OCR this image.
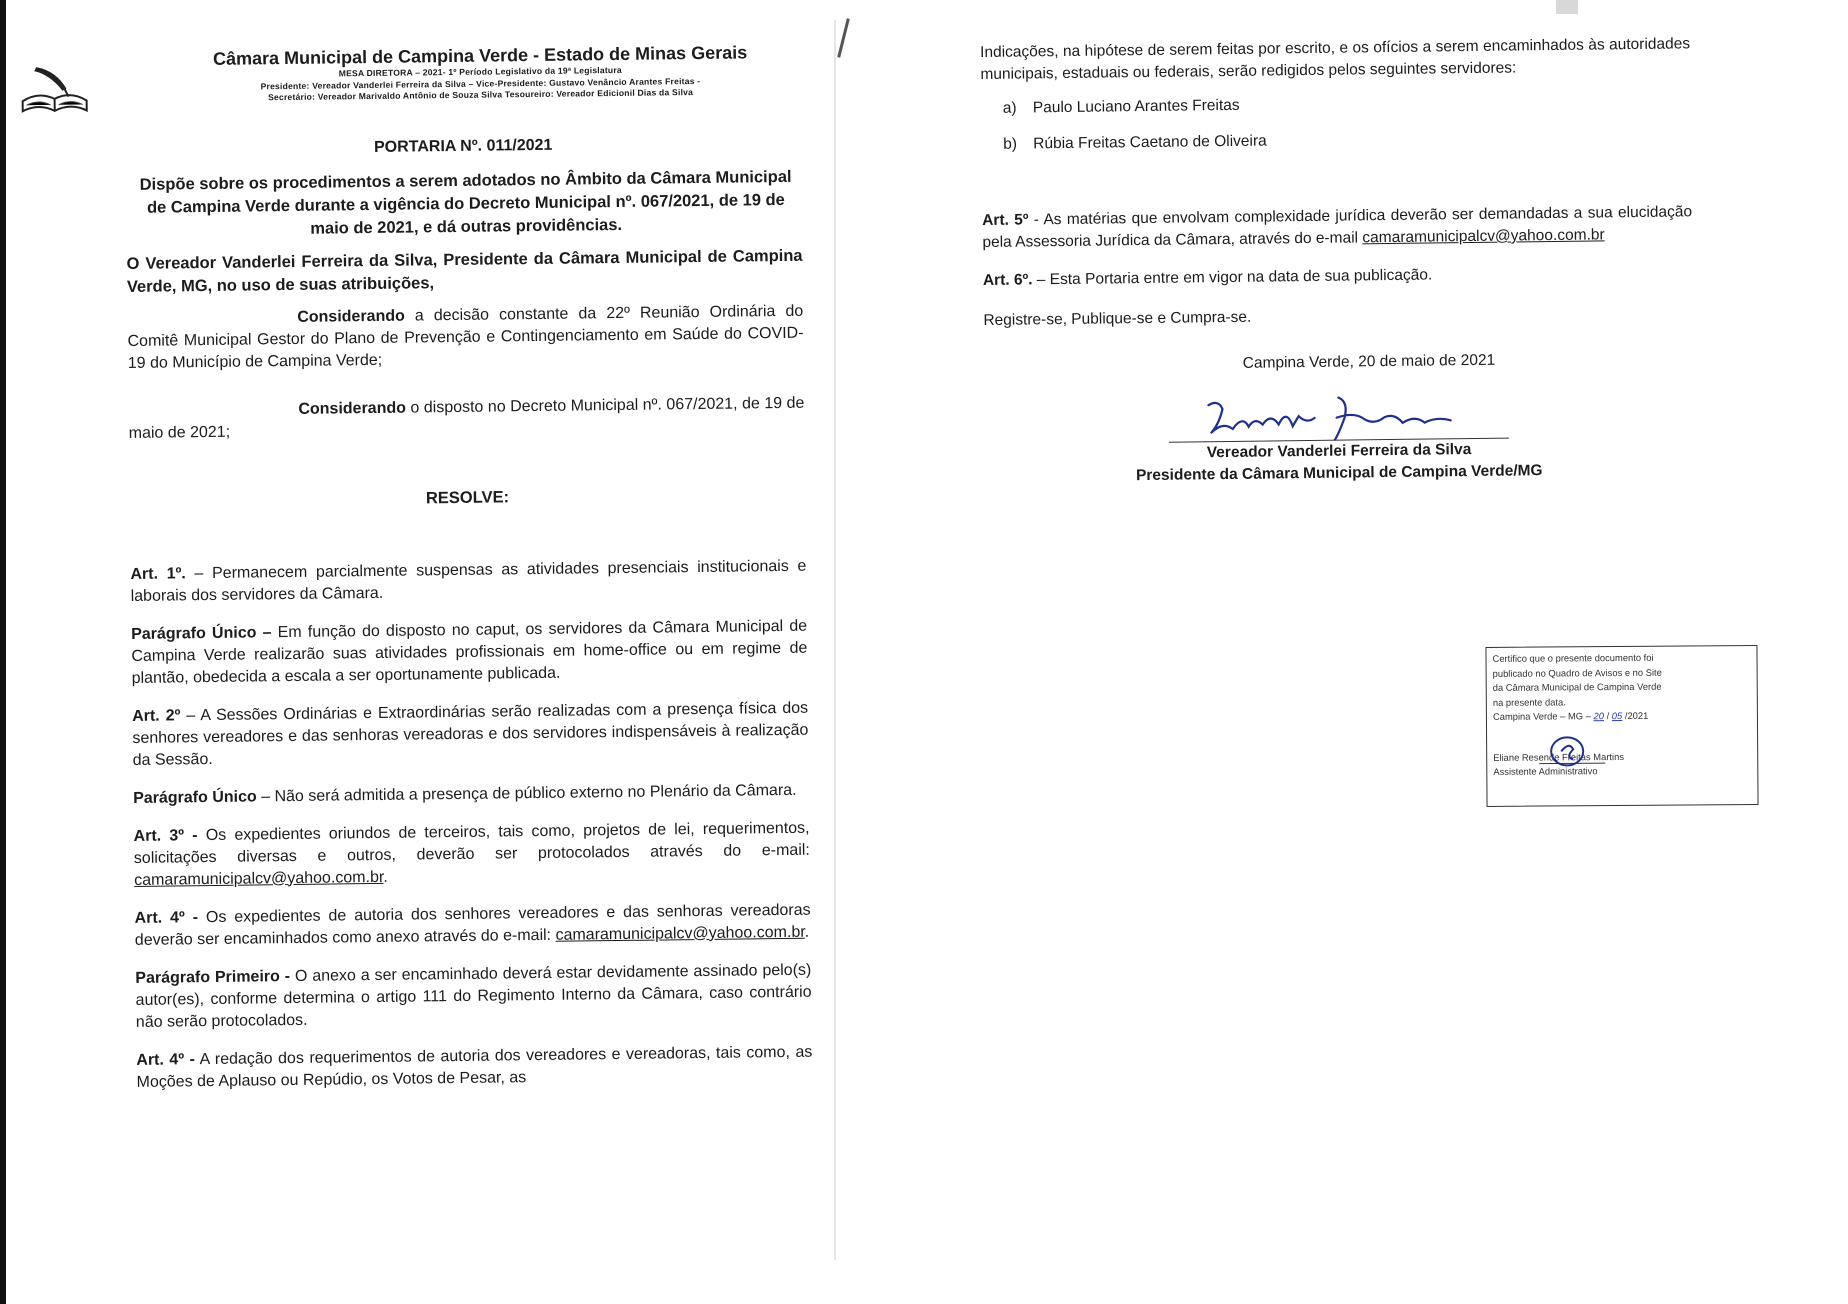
Câmara Municipal de Campina Verde - Estado de Minas Gerais
MESA DIRETORA – 2021- 1º Período Legislativo da 19ª Legislatura
Presidente: Vereador Vanderlei Ferreira da Silva – Vice-Presidente: Gustavo Venâncio Arantes Freitas -
Secretário: Vereador Marivaldo Antônio de Souza Silva Tesoureiro: Vereador Edicionil Dias da Silva
PORTARIA Nº. 011/2021
Dispõe sobre os procedimentos a serem adotados no Âmbito da Câmara Municipal de Campina Verde durante a vigência do Decreto Municipal nº. 067/2021, de 19 de maio de 2021, e dá outras providências.
O Vereador Vanderlei Ferreira da Silva, Presidente da Câmara Municipal de Campina Verde, MG, no uso de suas atribuições,

Considerando a decisão constante da 22º Reunião Ordinária do Comitê Municipal Gestor do Plano de Prevenção e Contingenciamento em Saúde do COVID-19 do Município de Campina Verde;

Considerando o disposto no Decreto Municipal nº. 067/2021, de 19 de maio de 2021;

RESOLVE:

Art. 1º. – Permanecem parcialmente suspensas as atividades presenciais institucionais e laborais dos servidores da Câmara.

Parágrafo Único – Em função do disposto no caput, os servidores da Câmara Municipal de Campina Verde realizarão suas atividades profissionais em home-office ou em regime de plantão, obedecida a escala a ser oportunamente publicada.

Art. 2º – A Sessões Ordinárias e Extraordinárias serão realizadas com a presença física dos senhores vereadores e das senhoras vereadoras e dos servidores indispensáveis à realização da Sessão.

Parágrafo Único – Não será admitida a presença de público externo no Plenário da Câmara.

Art. 3º - Os expedientes oriundos de terceiros, tais como, projetos de lei, requerimentos, solicitações diversas e outros, deverão ser protocolados através do e-mail: camaramunicipalcv@yahoo.com.br.

Art. 4º - Os expedientes de autoria dos senhores vereadores e das senhoras vereadoras deverão ser encaminhados como anexo através do e-mail: camaramunicipalcv@yahoo.com.br.

Parágrafo Primeiro - O anexo a ser encaminhado deverá estar devidamente assinado pelo(s) autor(es), conforme determina o artigo 111 do Regimento Interno da Câmara, caso contrário não serão protocolados.

Art. 4º - A redação dos requerimentos de autoria dos vereadores e vereadoras, tais como, as Moções de Aplauso ou Repúdio, os Votos de Pesar, as

Indicações, na hipótese de serem feitas por escrito, e os ofícios a serem encaminhados às autoridades municipais, estaduais ou federais, serão redigidos pelos seguintes servidores:

a) Paulo Luciano Arantes Freitas
b) Rúbia Freitas Caetano de Oliveira

Art. 5º - As matérias que envolvam complexidade jurídica deverão ser demandadas a sua elucidação pela Assessoria Jurídica da Câmara, através do e-mail camaramunicipalcv@yahoo.com.br

Art. 6º. – Esta Portaria entre em vigor na data de sua publicação.

Registre-se, Publique-se e Cumpra-se.
Campina Verde, 20 de maio de 2021
Vereador Vanderlei Ferreira da Silva
Presidente da Câmara Municipal de Campina Verde/MG
Certifico que o presente documento foi
publicado no Quadro de Avisos e no Site
da Câmara Municipal de Campina Verde
na presente data.
Campina Verde – MG – 20 / 05 /2021
Eliane Resende Freitas Martins
Assistente Administrativo
